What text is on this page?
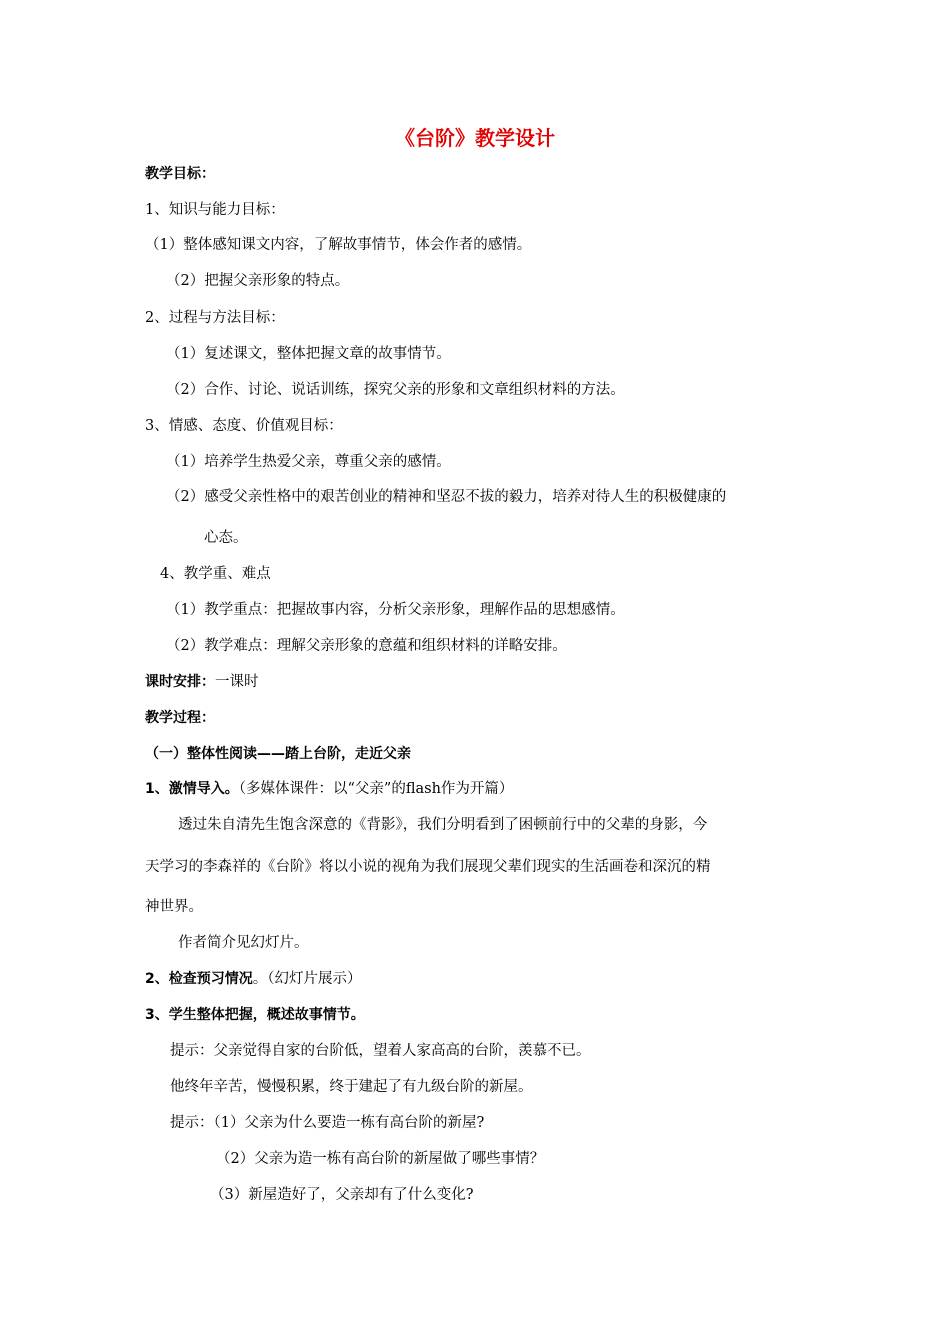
《台阶》教学设计
教学目标：
1、知识与能力目标：
（1）整体感知课文内容，了解故事情节，体会作者的感情。
（2）把握父亲形象的特点。
2、过程与方法目标：
（1）复述课文，整体把握文章的故事情节。
（2）合作、讨论、说话训练，探究父亲的形象和文章组织材料的方法。
3、情感、态度、价值观目标：
（1）培养学生热爱父亲，尊重父亲的感情。
（2）感受父亲性格中的艰苦创业的精神和坚忍不拔的毅力，培养对待人生的积极健康的
心态。
4、教学重、难点
（1）教学重点：把握故事内容，分析父亲形象，理解作品的思想感情。
（2）教学难点：理解父亲形象的意蕴和组织材料的详略安排。
课时安排：一课时
教学过程：
（一）整体性阅读——踏上台阶，走近父亲
1、激情导入。（多媒体课件：以“父亲”的flash作为开篇）
透过朱自清先生饱含深意的《背影》，我们分明看到了困顿前行中的父辈的身影，今
天学习的李森祥的《台阶》将以小说的视角为我们展现父辈们现实的生活画卷和深沉的精
神世界。
作者简介见幻灯片。
2、检查预习情况。（幻灯片展示）
3、学生整体把握，概述故事情节。
提示：父亲觉得自家的台阶低，望着人家高高的台阶，羡慕不已。
他终年辛苦，慢慢积累，终于建起了有九级台阶的新屋。
提示：（1）父亲为什么要造一栋有高台阶的新屋?
（2）父亲为造一栋有高台阶的新屋做了哪些事情？
（3）新屋造好了，父亲却有了什么变化?
